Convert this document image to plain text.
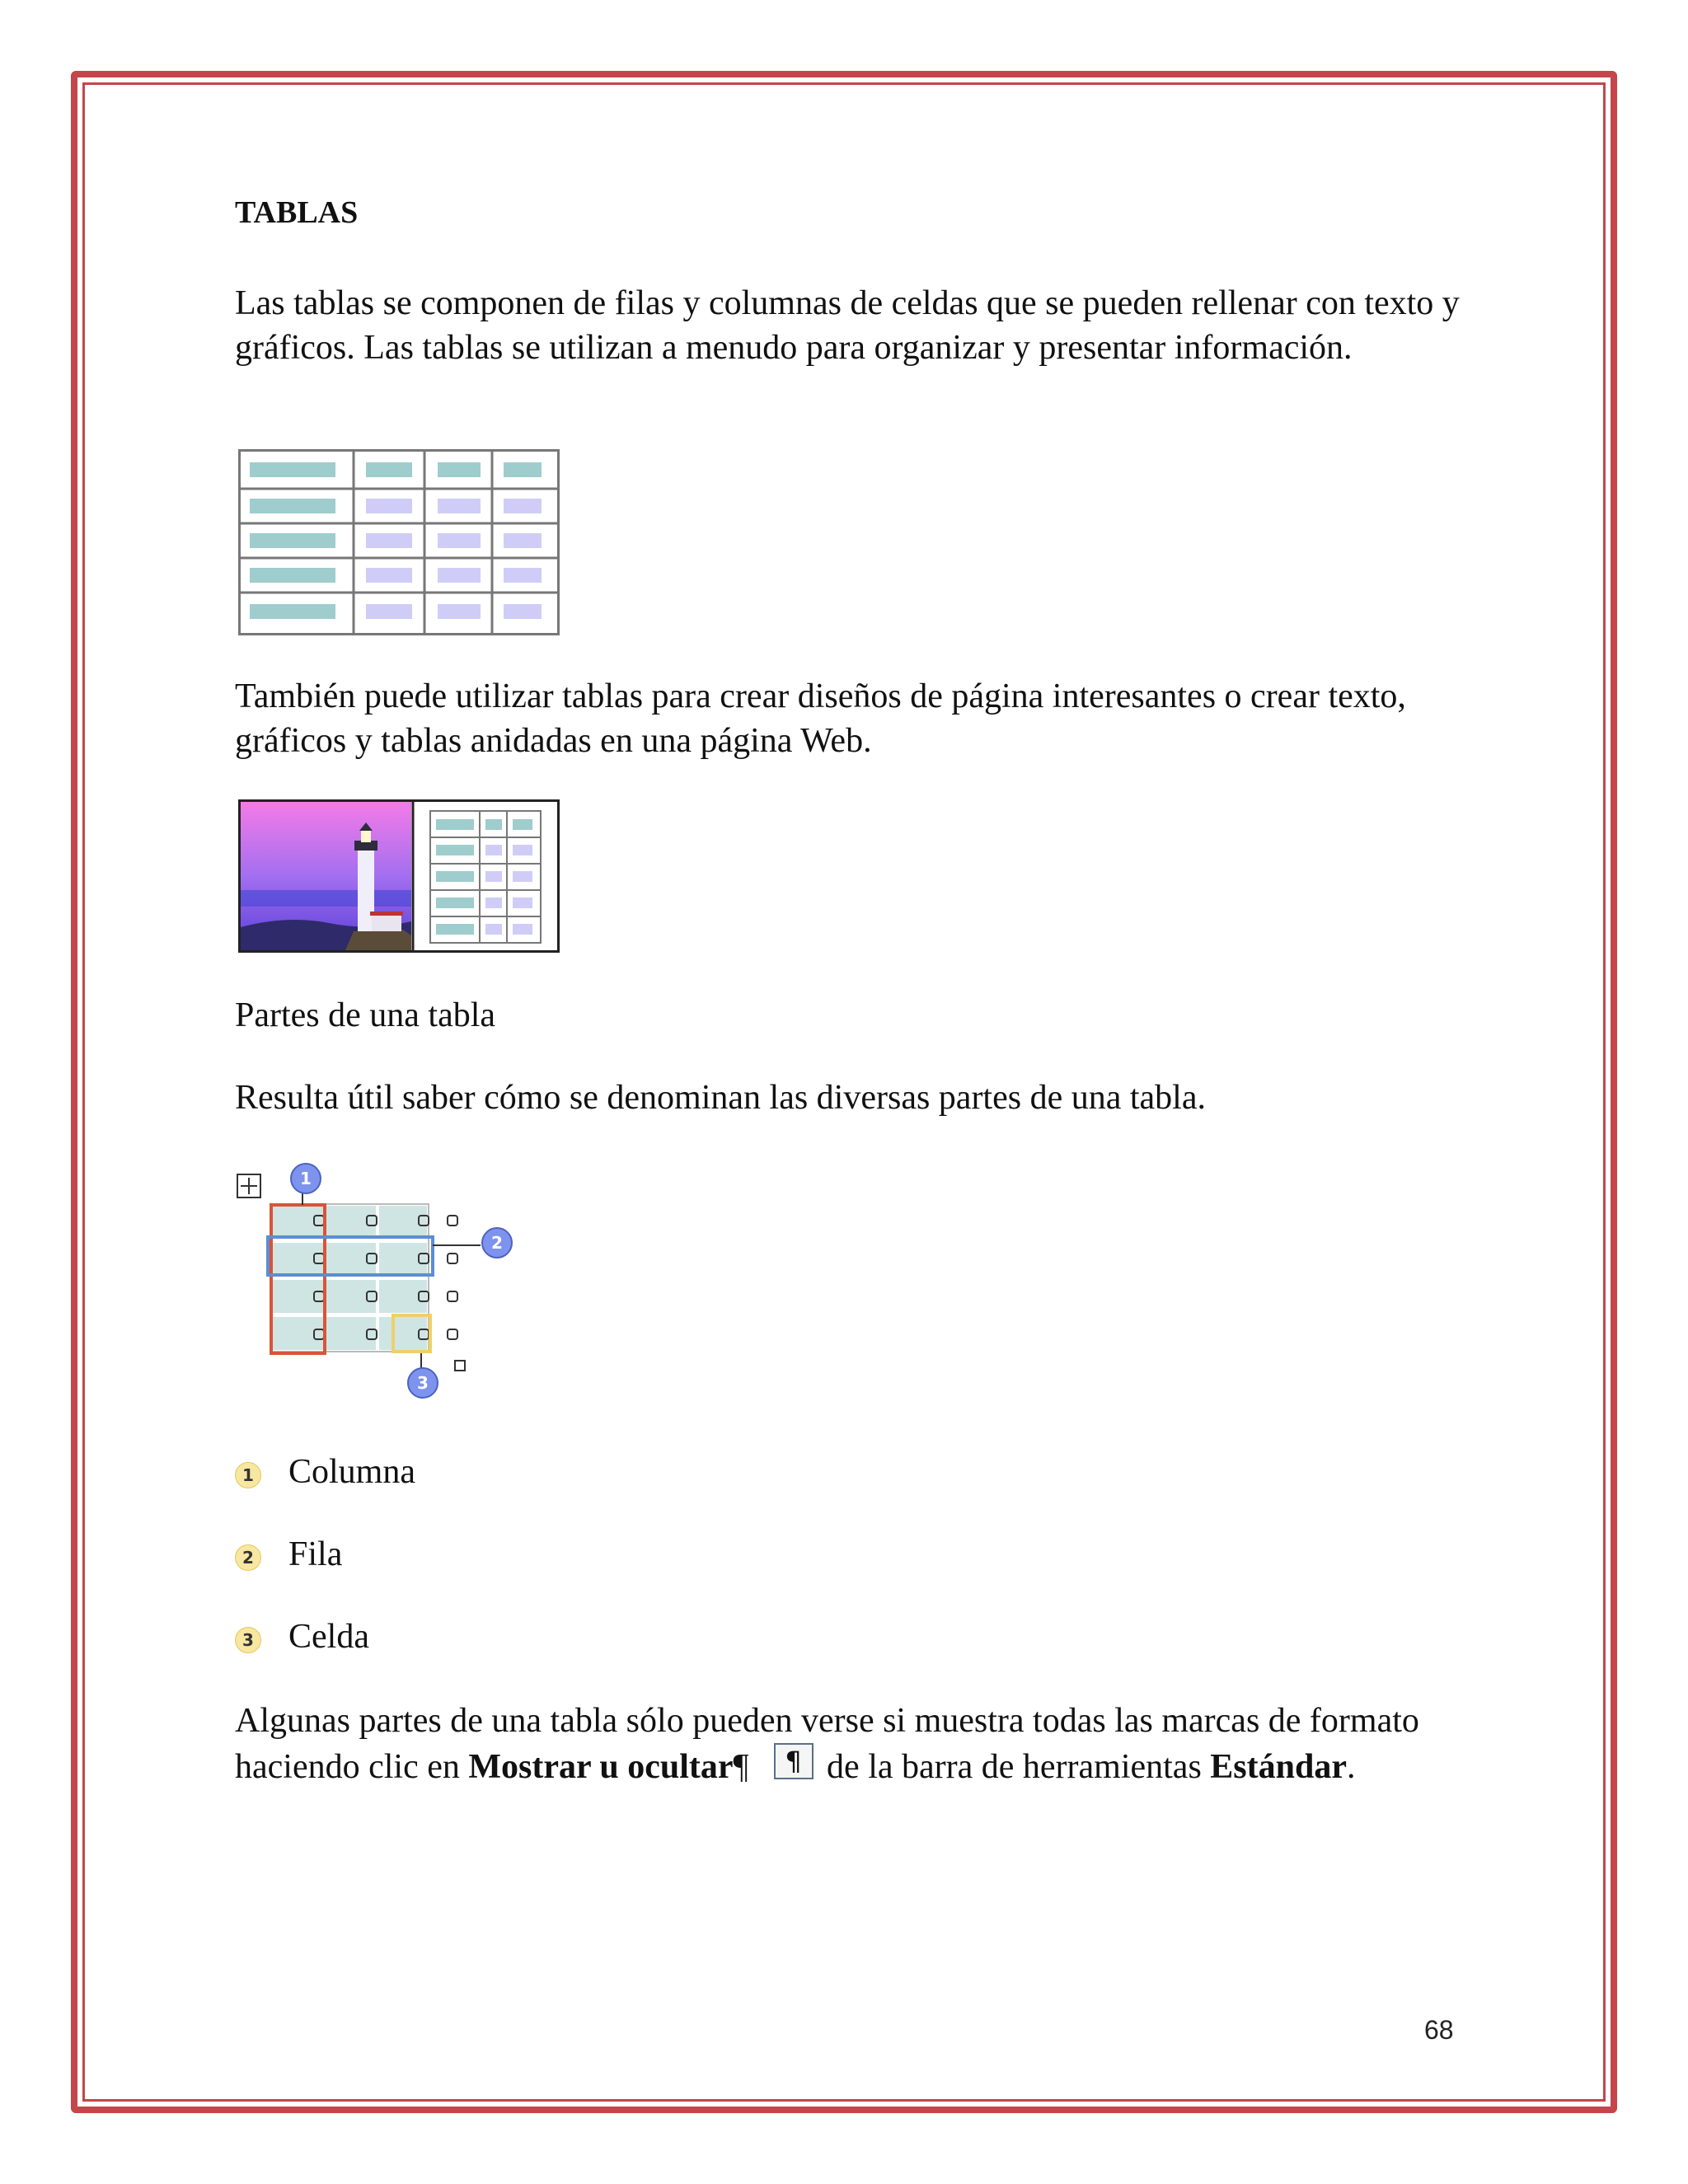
TABLAS
Las tablas se componen de filas y columnas de celdas que se pueden rellenar con texto y gráficos. Las tablas se utilizan a menudo para organizar y presentar información.
También puede utilizar tablas para crear diseños de página interesantes o crear texto, gráficos y tablas anidadas en una página Web.
Partes de una tabla
Resulta útil saber cómo se denominan las diversas partes de una tabla.
1
2
3
1 Columna
2 Fila
3 Celda
Algunas partes de una tabla sólo pueden verse si muestra todas las marcas de formato haciendo clic en Mostrar u ocultar¶ ¶ de la barra de herramientas Estándar.
68
